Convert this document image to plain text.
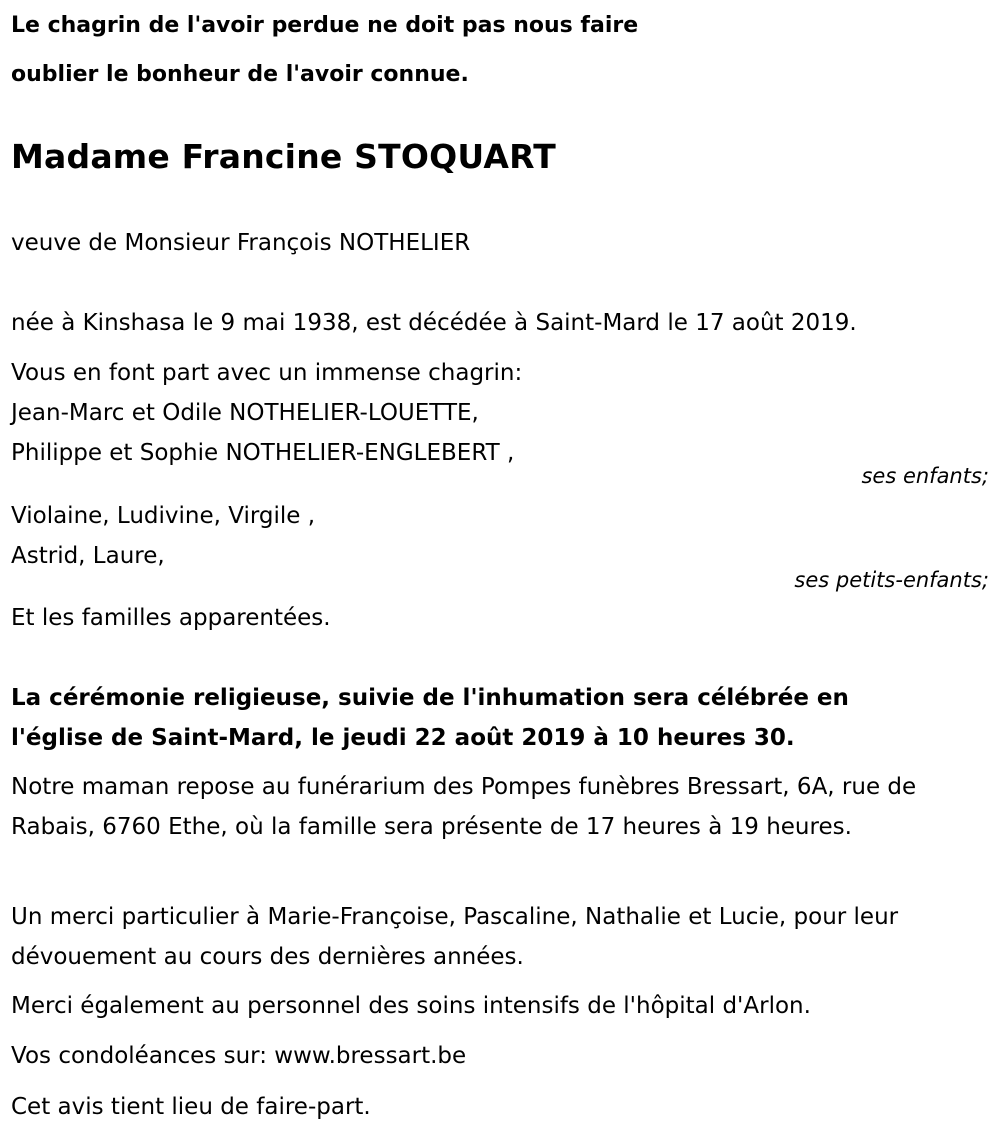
Le chagrin de l'avoir perdue ne doit pas nous faire
oublier le bonheur de l'avoir connue.
Madame Francine STOQUART
veuve de Monsieur François NOTHELIER
née à Kinshasa le 9 mai 1938, est décédée à Saint-Mard le 17 août 2019.
Vous en font part avec un immense chagrin:
Jean-Marc et Odile NOTHELIER-LOUETTE,
Philippe et Sophie NOTHELIER-ENGLEBERT ,
ses enfants;
Violaine, Ludivine, Virgile ,
Astrid, Laure,
ses petits-enfants;
Et les familles apparentées.
La cérémonie religieuse, suivie de l'inhumation sera célébrée en
l'église de Saint-Mard, le jeudi 22 août 2019 à 10 heures 30.
Notre maman repose au funérarium des Pompes funèbres Bressart, 6A, rue de Rabais, 6760 Ethe, où la famille sera présente de 17 heures à 19 heures.
Un merci particulier à Marie-Françoise, Pascaline, Nathalie et Lucie, pour leur dévouement au cours des dernières années.
Merci également au personnel des soins intensifs de l'hôpital d'Arlon.
Vos condoléances sur: www.bressart.be
Cet avis tient lieu de faire-part.
